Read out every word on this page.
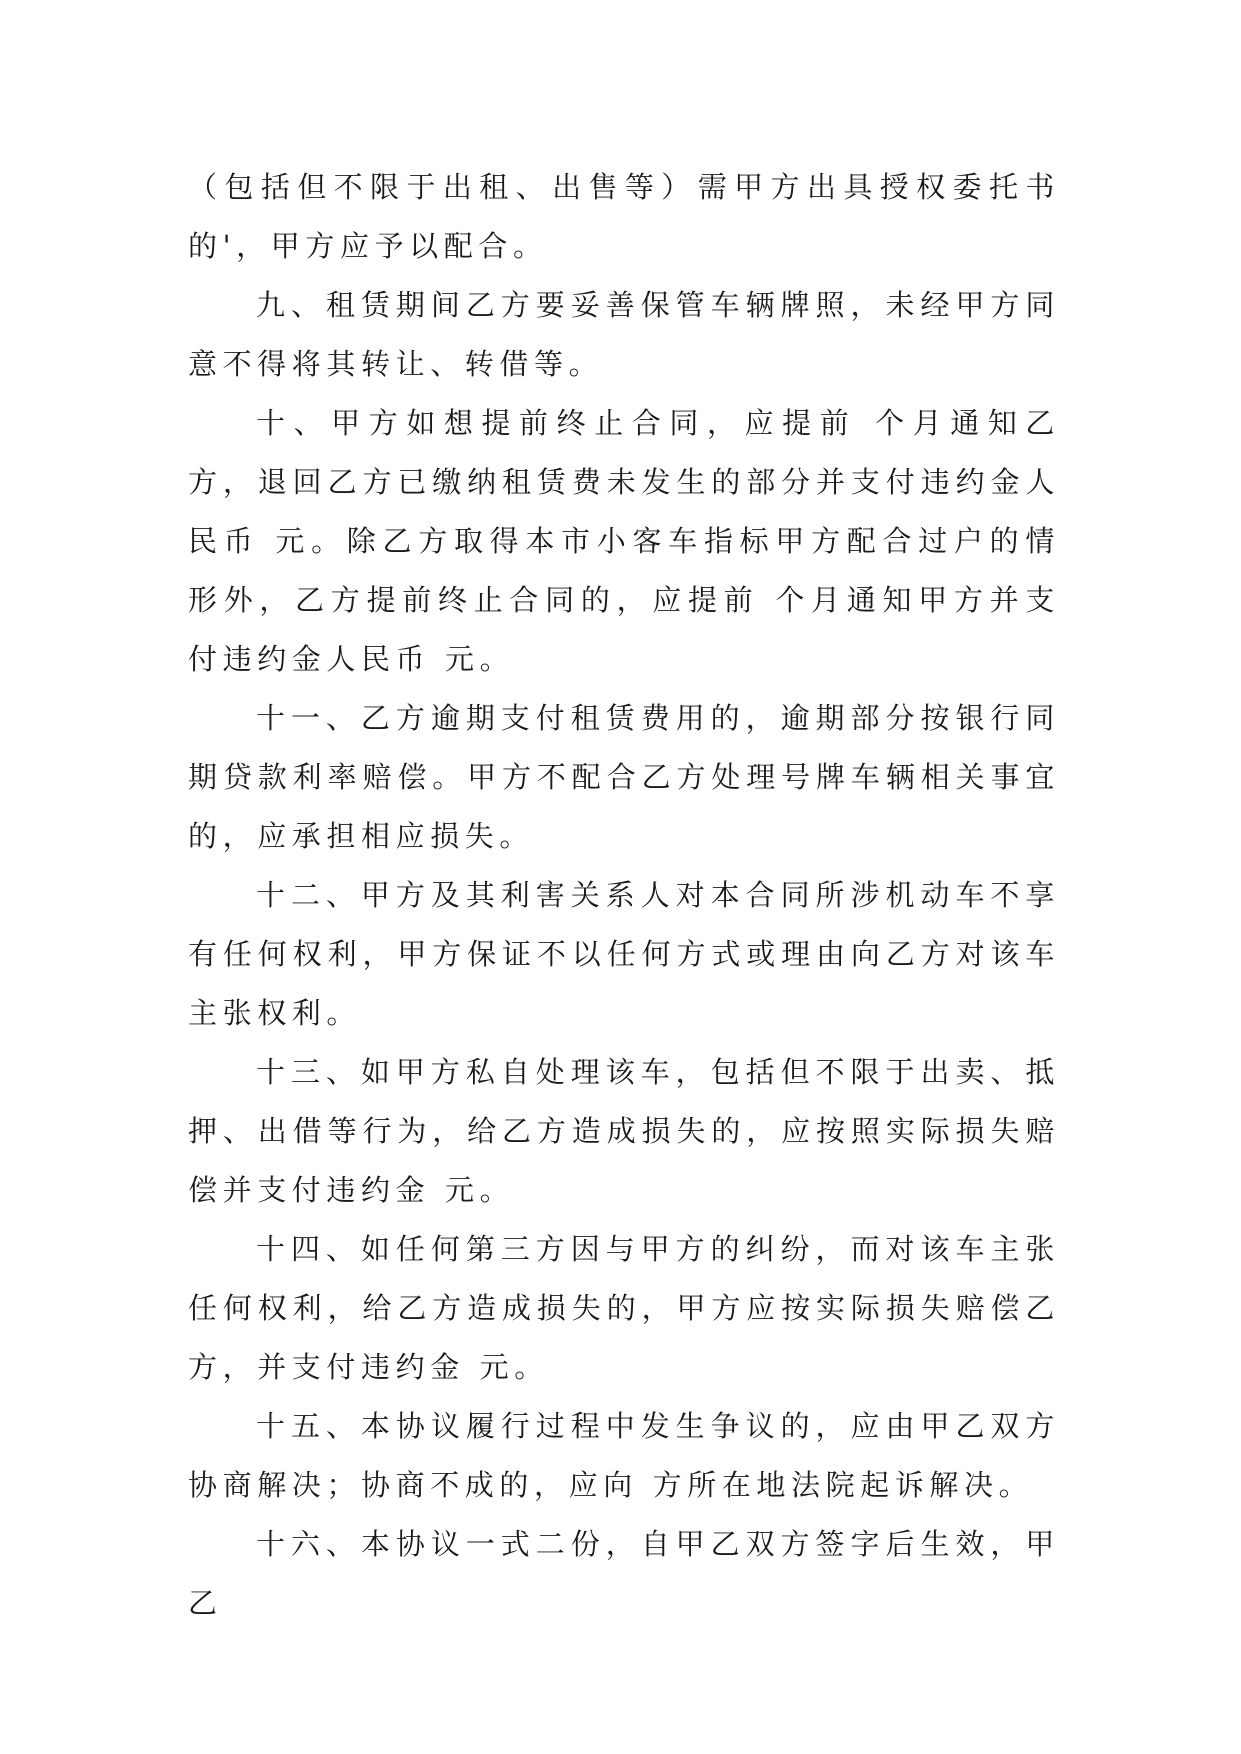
（包括但不限于出租、出售等）需甲方出具授权委托书的'，甲方应予以配合。

九、租赁期间乙方要妥善保管车辆牌照，未经甲方同意不得将其转让、转借等。

十、甲方如想提前终止合同，应提前 个月通知乙方，退回乙方已缴纳租赁费未发生的部分并支付违约金人民币 元。除乙方取得本市小客车指标甲方配合过户的情形外，乙方提前终止合同的，应提前 个月通知甲方并支付违约金人民币 元。

十一、乙方逾期支付租赁费用的，逾期部分按银行同期贷款利率赔偿。甲方不配合乙方处理号牌车辆相关事宜的，应承担相应损失。

十二、甲方及其利害关系人对本合同所涉机动车不享有任何权利，甲方保证不以任何方式或理由向乙方对该车主张权利。

十三、如甲方私自处理该车，包括但不限于出卖、抵押、出借等行为，给乙方造成损失的，应按照实际损失赔偿并支付违约金 元。

十四、如任何第三方因与甲方的纠纷，而对该车主张任何权利，给乙方造成损失的，甲方应按实际损失赔偿乙方，并支付违约金 元。

十五、本协议履行过程中发生争议的，应由甲乙双方协商解决；协商不成的，应向 方所在地法院起诉解决。

十六、本协议一式二份，自甲乙双方签字后生效，甲乙
